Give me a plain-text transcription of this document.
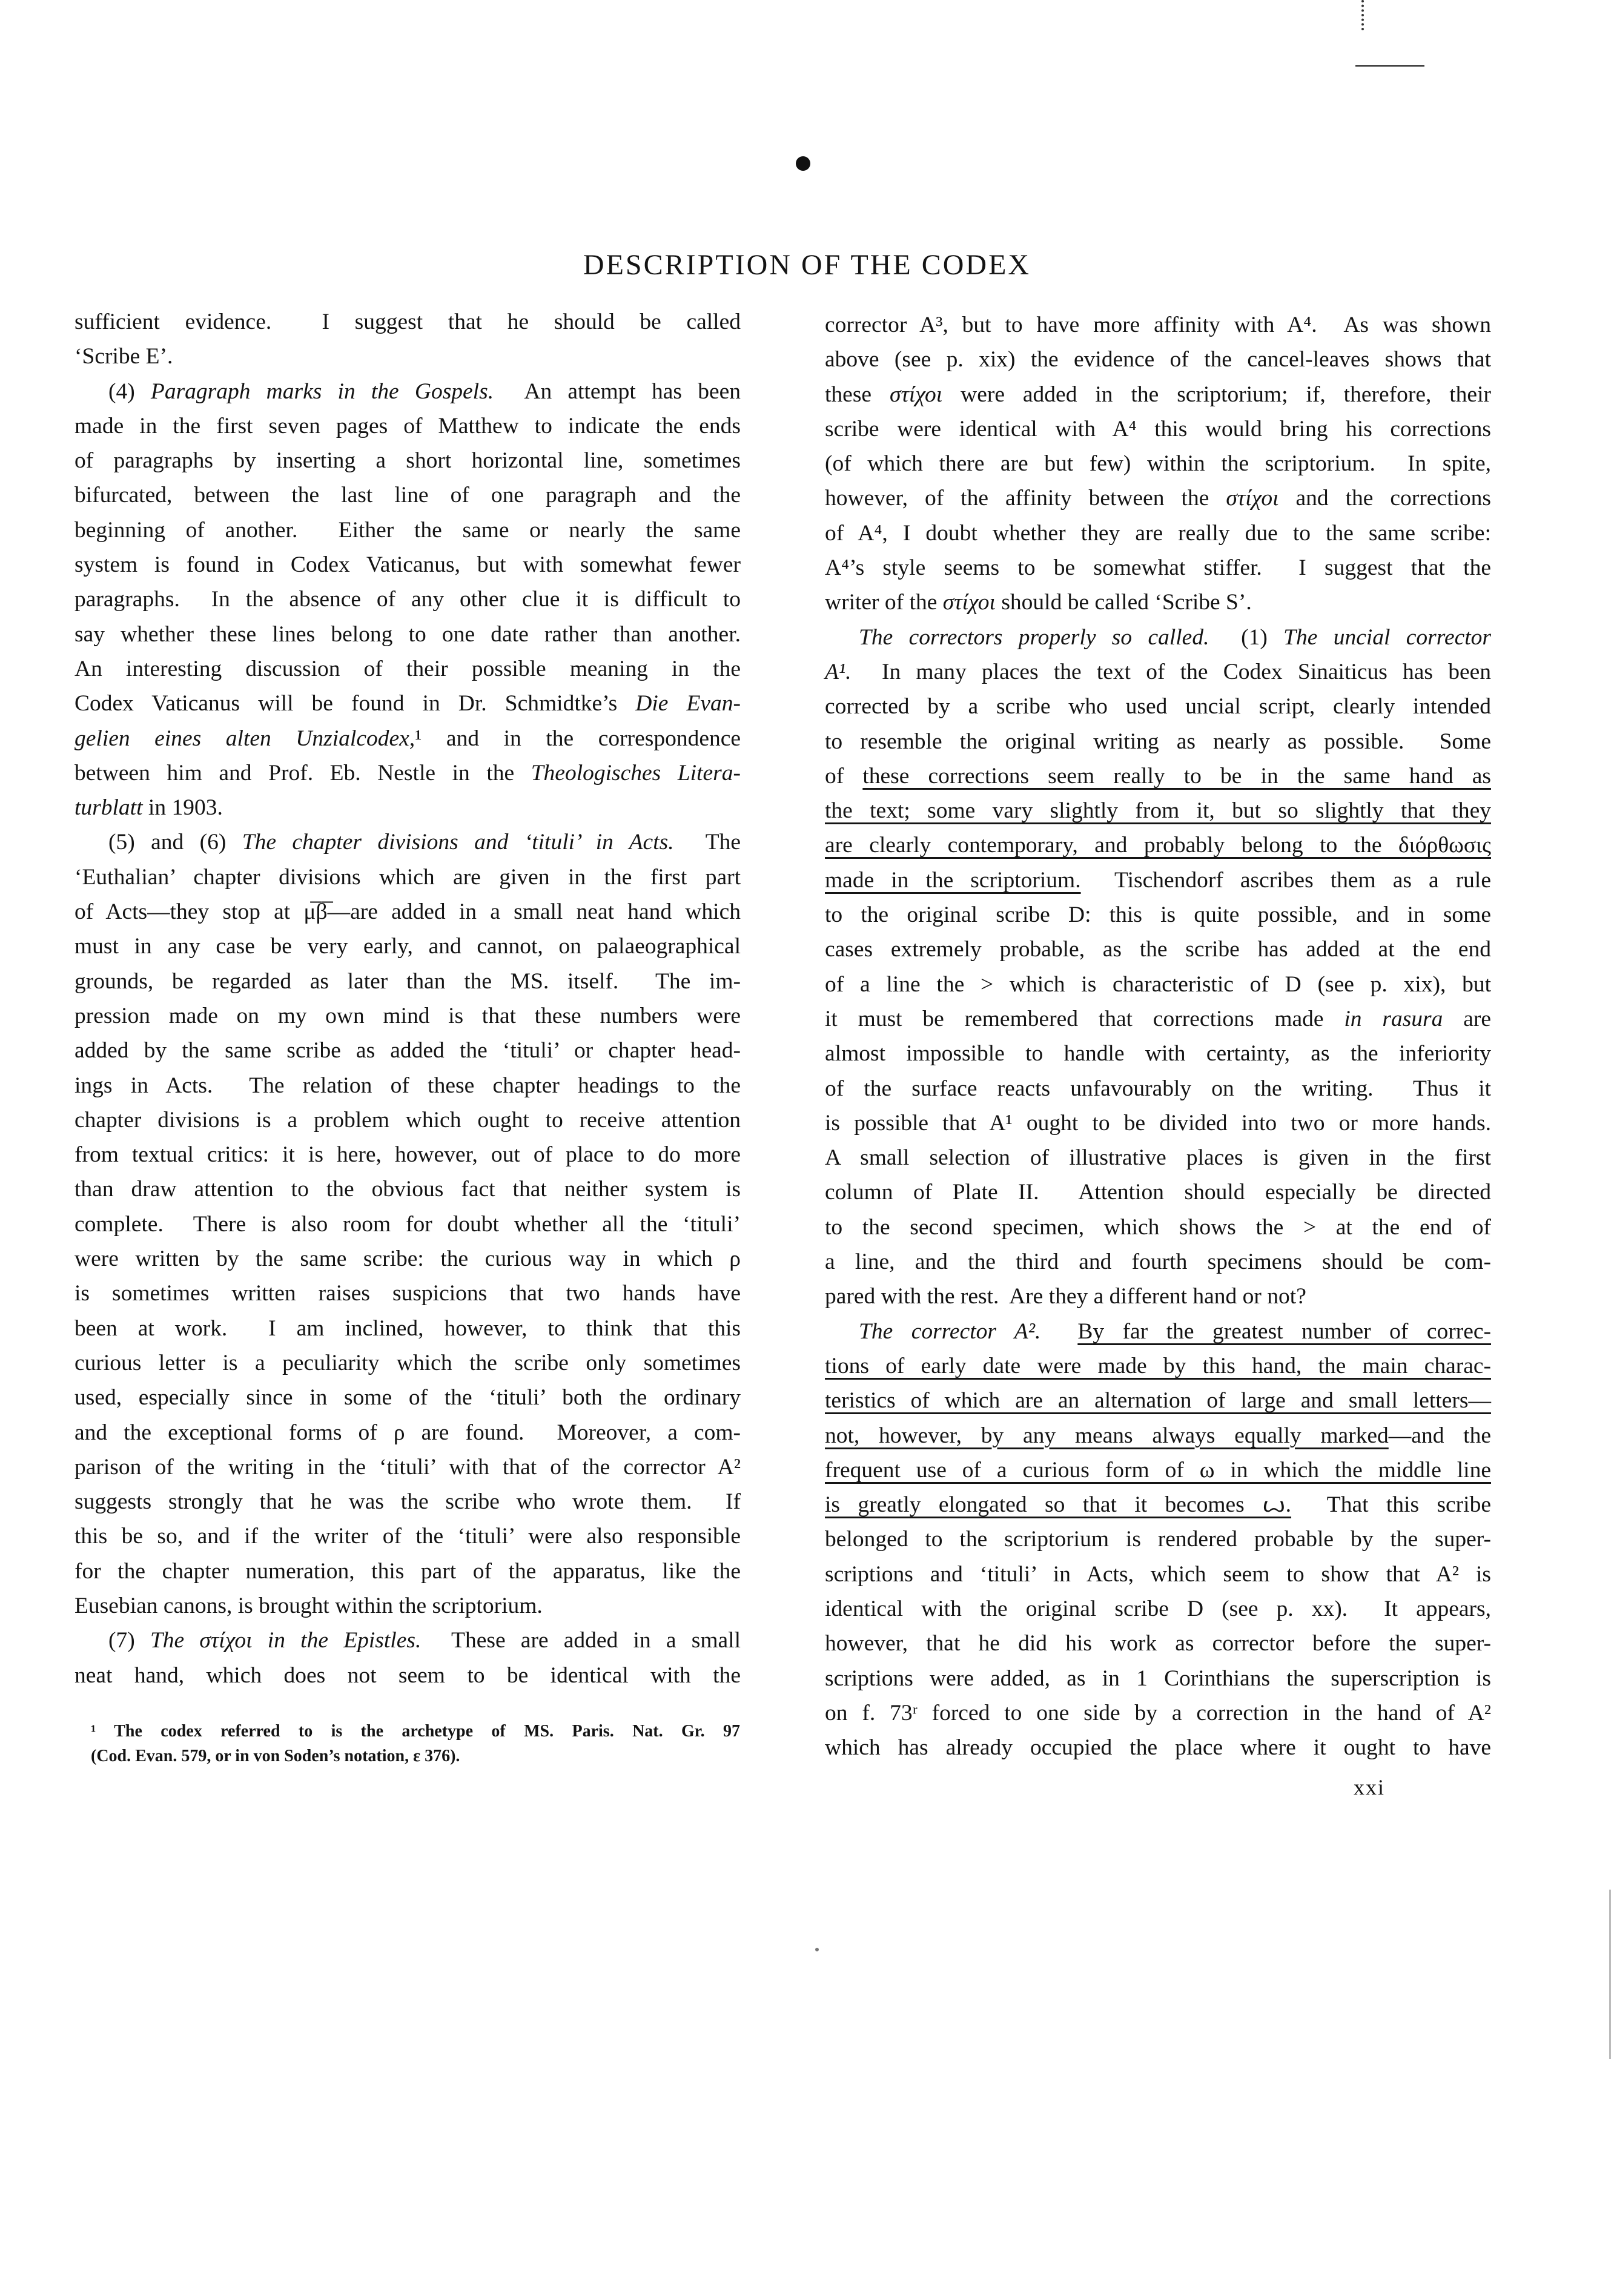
DESCRIPTION OF THE CODEX
sufficient evidence.  I suggest that he should be called
‘Scribe E’.
(4) Paragraph marks in the Gospels.  An attempt has been
made in the first seven pages of Matthew to indicate the ends
of paragraphs by inserting a short horizontal line, sometimes
bifurcated, between the last line of one paragraph and the
beginning of another.  Either the same or nearly the same
system is found in Codex Vaticanus, but with somewhat fewer
paragraphs.  In the absence of any other clue it is difficult to
say whether these lines belong to one date rather than another.
An interesting discussion of their possible meaning in the
Codex Vaticanus will be found in Dr. Schmidtke’s Die Evan-
gelien eines alten Unzialcodex,¹ and in the correspondence
between him and Prof. Eb. Nestle in the Theologisches Litera-
turblatt in 1903.
(5) and (6) The chapter divisions and ‘tituli’ in Acts.  The
‘Euthalian’ chapter divisions which are given in the first part
of Acts—they stop at μ̅β̅—are added in a small neat hand which
must in any case be very early, and cannot, on palaeographical
grounds, be regarded as later than the MS. itself.  The im-
pression made on my own mind is that these numbers were
added by the same scribe as added the ‘tituli’ or chapter head-
ings in Acts.  The relation of these chapter headings to the
chapter divisions is a problem which ought to receive attention
from textual critics: it is here, however, out of place to do more
than draw attention to the obvious fact that neither system is
complete.  There is also room for doubt whether all the ‘tituli’
were written by the same scribe: the curious way in which ρ
is sometimes written raises suspicions that two hands have
been at work.  I am inclined, however, to think that this
curious letter is a peculiarity which the scribe only sometimes
used, especially since in some of the ‘tituli’ both the ordinary
and the exceptional forms of ρ are found.  Moreover, a com-
parison of the writing in the ‘tituli’ with that of the corrector A²
suggests strongly that he was the scribe who wrote them.  If
this be so, and if the writer of the ‘tituli’ were also responsible
for the chapter numeration, this part of the apparatus, like the
Eusebian canons, is brought within the scriptorium.
(7) The στίχοι in the Epistles.  These are added in a small
neat hand, which does not seem to be identical with the
corrector A³, but to have more affinity with A⁴.  As was shown
above (see p. xix) the evidence of the cancel-leaves shows that
these στίχοι were added in the scriptorium; if, therefore, their
scribe were identical with A⁴ this would bring his corrections
(of which there are but few) within the scriptorium.  In spite,
however, of the affinity between the στίχοι and the corrections
of A⁴, I doubt whether they are really due to the same scribe:
A⁴’s style seems to be somewhat stiffer.  I suggest that the
writer of the στίχοι should be called ‘Scribe S’.
The correctors properly so called.  (1) The uncial corrector
A¹.  In many places the text of the Codex Sinaiticus has been
corrected by a scribe who used uncial script, clearly intended
to resemble the original writing as nearly as possible.  Some
of these corrections seem really to be in the same hand as
the text; some vary slightly from it, but so slightly that they
are clearly contemporary, and probably belong to the διόρθωσις
made in the scriptorium.  Tischendorf ascribes them as a rule
to the original scribe D: this is quite possible, and in some
cases extremely probable, as the scribe has added at the end
of a line the > which is characteristic of D (see p. xix), but
it must be remembered that corrections made in rasura are
almost impossible to handle with certainty, as the inferiority
of the surface reacts unfavourably on the writing.  Thus it
is possible that A¹ ought to be divided into two or more hands.
A small selection of illustrative places is given in the first
column of Plate II.  Attention should especially be directed
to the second specimen, which shows the > at the end of
a line, and the third and fourth specimens should be com-
pared with the rest.  Are they a different hand or not?
The corrector A². By far the greatest number of correc-
tions of early date were made by this hand, the main charac-
teristics of which are an alternation of large and small letters—
not, however, by any means always equally marked—and the
frequent use of a curious form of ω in which the middle line
is greatly elongated so that it becomes ꙍ.  That this scribe
belonged to the scriptorium is rendered probable by the super-
scriptions and ‘tituli’ in Acts, which seem to show that A² is
identical with the original scribe D (see p. xx).  It appears,
however, that he did his work as corrector before the super-
scriptions were added, as in 1 Corinthians the superscription is
on f. 73ʳ forced to one side by a correction in the hand of A²
which has already occupied the place where it ought to have
¹ The codex referred to is the archetype of MS. Paris. Nat. Gr. 97
(Cod. Evan. 579, or in von Soden’s notation, ε 376).
xxi
